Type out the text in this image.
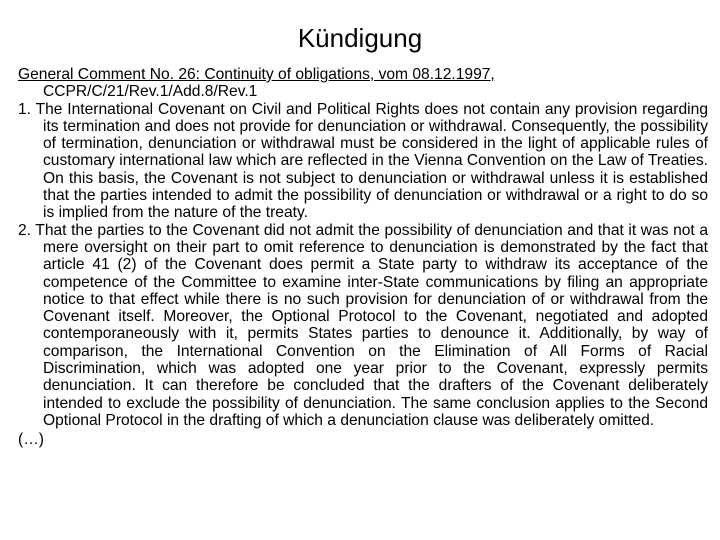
Kündigung

General Comment No. 26: Continuity of obligations, vom 08.12.1997,
CCPR/C/21/Rev.1/Add.8/Rev.1

1. The International Covenant on Civil and Political Rights does not contain any provision regarding its termination and does not provide for denunciation or withdrawal. Consequently, the possibility of termination, denunciation or withdrawal must be considered in the light of applicable rules of customary international law which are reflected in the Vienna Convention on the Law of Treaties. On this basis, the Covenant is not subject to denunciation or withdrawal unless it is established that the parties intended to admit the possibility of denunciation or withdrawal or a right to do so is implied from the nature of the treaty.

2. That the parties to the Covenant did not admit the possibility of denunciation and that it was not a mere oversight on their part to omit reference to denunciation is demonstrated by the fact that article 41 (2) of the Covenant does permit a State party to withdraw its acceptance of the competence of the Committee to examine inter-State communications by filing an appropriate notice to that effect while there is no such provision for denunciation of or withdrawal from the Covenant itself. Moreover, the Optional Protocol to the Covenant, negotiated and adopted contemporaneously with it, permits States parties to denounce it. Additionally, by way of comparison, the International Convention on the Elimination of All Forms of Racial Discrimination, which was adopted one year prior to the Covenant, expressly permits denunciation. It can therefore be concluded that the drafters of the Covenant deliberately intended to exclude the possibility of denunciation. The same conclusion applies to the Second Optional Protocol in the drafting of which a denunciation clause was deliberately omitted.

(…)
